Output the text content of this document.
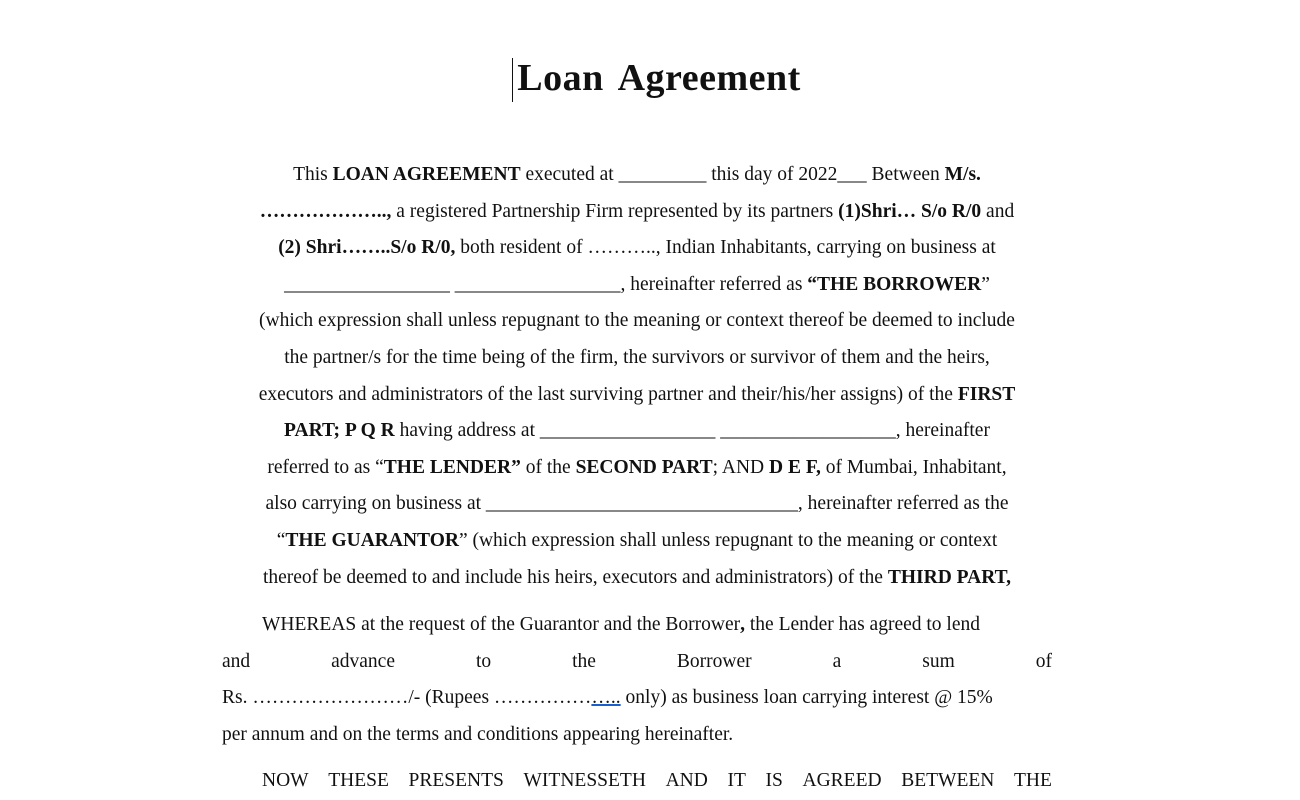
Loan Agreement
This LOAN AGREEMENT executed at _________ this day of 2022___ Between M/s.
……………….., a registered Partnership Firm represented by its partners (1)Shri… S/o R/0 and
(2) Shri……..S/o R/0, both resident of ……….., Indian Inhabitants, carrying on business at
_________________ _________________, hereinafter referred as “THE BORROWER”
(which expression shall unless repugnant to the meaning or context thereof be deemed to include
the partner/s for the time being of the firm, the survivors or survivor of them and the heirs,
executors and administrators of the last surviving partner and their/his/her assigns) of the FIRST
PART; P Q R having address at __________________ __________________, hereinafter
referred to as “THE LENDER” of the SECOND PART; AND D E F, of Mumbai, Inhabitant,
also carrying on business at ________________________________, hereinafter referred as the
“THE GUARANTOR” (which expression shall unless repugnant to the meaning or context
thereof be deemed to and include his heirs, executors and administrators) of the THIRD PART,
WHEREAS at the request of the Guarantor and the Borrower, the Lender has agreed to lend
and	advance	to	the	Borrower	a	sum	of
Rs. ……………………/- (Rupees ……………….. only) as business loan carrying interest @ 15%
per annum and on the terms and conditions appearing hereinafter.
NOW THESE PRESENTS WITNESSETH AND IT IS AGREED BETWEEN THE
